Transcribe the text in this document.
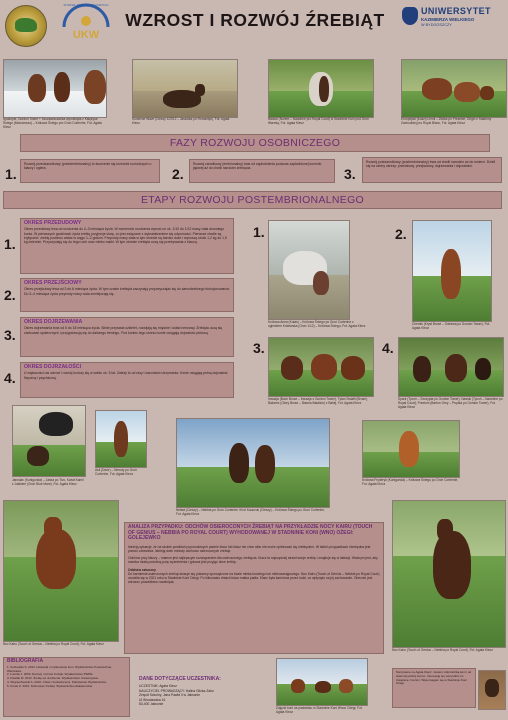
WYDZIAŁ NAUK BIOLOGICZNYCH
UKW
WZROST I ROZWÓJ ŹREBIĄT	UNIWERSYTET
KAZIMIERZA WIELKIEGO
W BYDGOSZCZY
Spokojne, Gordon Tower + Szczawniczanka wyrośnięta z Księżyca Śniegu (Motowoszo) – Królowa Śniegu pro Groń Cortenhe, Fot. Agata Klecz
Sunshine Wave (Cieszy 1/2012 – Jaskółka po Romantyk), Fot. Agata Klecz
Nasiuk (Nurem – Nadobne pro Royal Court) w Stadninie Koni pod Groń Warmią, Fot. Agata Klecz
Europejski (Łodzi) Lenni – Złotka po Prezesie, Origin z Stadniny Zachodniej pro Royal Blanc, Fot. Agata Klecz
FAZY ROZWOJU OSOBNICZEGO
1.
Rozwój przedzarodkowy (przedembrionalny) to tworzenie się komórek rozrodczych u klaczy i ogiera.	2.
Rozwój zarodkowy (embrionalny) trwa od zapłodnienia podczas zapłodnionej komórki jajowej aż do chwili narodzin źrebięcia.	3.
Rozwój postzarodkowy (postembrionalny) trwa od chwili narodzin aż do śmierci. Dzieli się na cztery okresy: przeddowy, przejściowy, dojrzewania i dojrzałości.
ETAPY ROZWOJU POSTEMBRIONALNEGO
1.
OKRES PRZEDUDOWY
Okres przeddowy trwa od urodzenia do 2–3 miesiąca życia. W momencie urodzenia wynosi on ok. 1/10 do 1/12 masy ciała dorosłego konia. W pierwszych godzinach życia źrebię przyjmuje siarę, co jest związane z wykształceniem się odporności. Pierwsze chwile są krytyczne: źrebię powinno wstać w ciągu 1–2 godzin. Przyrosty masy ciała w tym okresie są bardzo duże i wynoszą około 1,2 kg do 1,5 kg dziennie. Przyczyniają się do tego ruch oraz mleko matki. W tym okresie źrebięta uczą się przebywania z klaczą.
2.
OKRES PRZEJŚCIOWY
Okres przejściowy trwa od 3 do 6 miesiąca życia. W tym czasie źrebięta zaczynają przyzwyczajać się do samodzielnego funkcjonowania. Do 3–4 miesiąca życia przyrosty masy ciała zmniejszają się.
3.
OKRES DOJRZEWANIA
Okres dojrzewania trwa od 6 do 18 miesiąca życia. Silnie przyrasta szkielet, rozwijają się mięśnie i układ nerwowy. Źrebięta uczą się zachowań społecznych i przygotowują się do dalszego treningu. Pod koniec tego okresu konie osiągają dojrzałość płciową.
4.
OKRES DOJRZAŁOŚCI
U większości ras wzrost i rozwój kończy się w wieku ok. 5 lat. Zależy to od rasy i warunków utrzymania. Konie osiągają pełną dojrzałość fizyczną i psychiczną.
1.
Królowa Anna (Kutas) – Królowa Śniegu po Groń Cortenhe z ogierkiem Królewska (Groń 1/12) – Królowa Śniegu, Fot. Agata Klecz
2.
Chemik (Kryst Bruse – Odezwa po Gordon Tower), Fot. Agata Klecz
3.
Inwazja (Boch Bruse – Inwazja z Gordon Tower), Tytan Swiatli (Bruse), Bałonez (Glory Bruse – Bawna Batalion) z Baliej, Fot. Agata Klecz
4.
Spark (Tycoń – Szczypta po Gordon Tower), Nasiuk (Tycoń – Nadobne po Royal Court), Przełom (Barton Grey – Prędka po Gordon Tower), Fot. Agata Klecz
Jaroslav (Kunigunda) – Jaśka po Tivo, Kwiat Kamil z Jaśkiem (Groń Blue Mare), Fot. Agata Klecz
Asil (Dwór) – Nerudy po Groń Cortenhe, Fot. Agata Klecz
Netład (Cieszy) – Nebbia po Groń Cortenhe i Król Kauczuk (Cieszy) – Królowa Śniegu po Groń Cortenhe, Fot. Agata Klecz
Królowa Fryderyk (Kunigunda) – Królowa Śniegu po Groń Cortenhe, Fot. Agata Klecz
Noc Kairu (Touch of Genius – Nebbia po Royal Court), Fot. Agata Klecz
ANALIZA PRZYPADKU: ODCHÓW OSIEROCONYCH ŹREBIĄT NA PRZYKŁADZIE NOCY KAIRU (TOUCH OF GENIUS – NEBBIA PO ROYAL COURT) WYHODOWANEJ W STADNINIE KONI (WNO) OŻEGI: GOLEJEWKO
Istnieją sytuacje, że na skutek powikłań poporodowych padnie klacz lub klacz nie chce albo nie może opiekować się źrebięciem. W takich przypadkach niezbędna jest pomoc człowieka. Istnieją dwie metody odchowu osieroconych źrebiąt.
Odchów przy klaczy – mamce jest najlepszym rozwiązaniem dla osieroconego źrebięcia. Klacz ta najczęściej stracił swoje źrebię i znajduje się w laktacji. Ważnym jest, aby mamka miała podobną porę wyźrebienia i gotowa jest przyjąć obce źrebię.
Odchów sztuczny
Do karmienia osieroconych źrebiąt stosuje się pokarmy sporządzone na bazie mleka krowiego lub mlekozastępczego. Noc Kairu (Touch of Genius – Nebbia po Royal Court) urodziła się w 2021 roku w Stadninie Koni Ożegi. Po kilkunastu dniach klacz matka padła. Klacz była karmiona przez ludzi, co wpłynęło na jej zachowanie. Obecnie jest zdrowa i prawidłowo rozwinięta.
Noc Kairu (Touch of Genius – Nebbia po Royal Court), Fot. Agata Klecz
BIBLIOGRAFIA
1. Kozłowski S. 2013. Hodowla i użytkowanie koni. Wydawnictwo Powszechne, Warszawa.
2. Łuczak J. 2006. Rozwój i wzrost źrebiąt. Wydawnictwo PWRiL.
3. Pawlak M. 2012. Źrebię od urodzenia. Wydawnictwo Uniwersytetu.
4. Wojciechowski A. 2010. Chów i hodowla koni. Państwowe Wydawnictwo.
5. Kurek Z. 2016. Dobrostan źrebiąt. Wydawnictwo Akademickie.
DANE DOTYCZĄCE UCZESTNIKA:
UCZESTNIK: Agata Klecz
NAUCZYCIEL PROWADZĄCY: Halina Glicka-Zabo
Zespół Szkolny, Jana Pawła II w Jaksonie
Ul Wrocławska 16
83-400 Jaksonie
Zdjęcie koni na pastwisku w Stadninie Koni Wnoo Ożegi, Fot. Agata Klecz
Niezywane na Agata Klecz. Jestem miłośniczką koni i od wielu lat jeżdżę konno. Interesuję się wszystkim co związane z końmi. Wspomagam się w Stadninie Koni Ożegi.
